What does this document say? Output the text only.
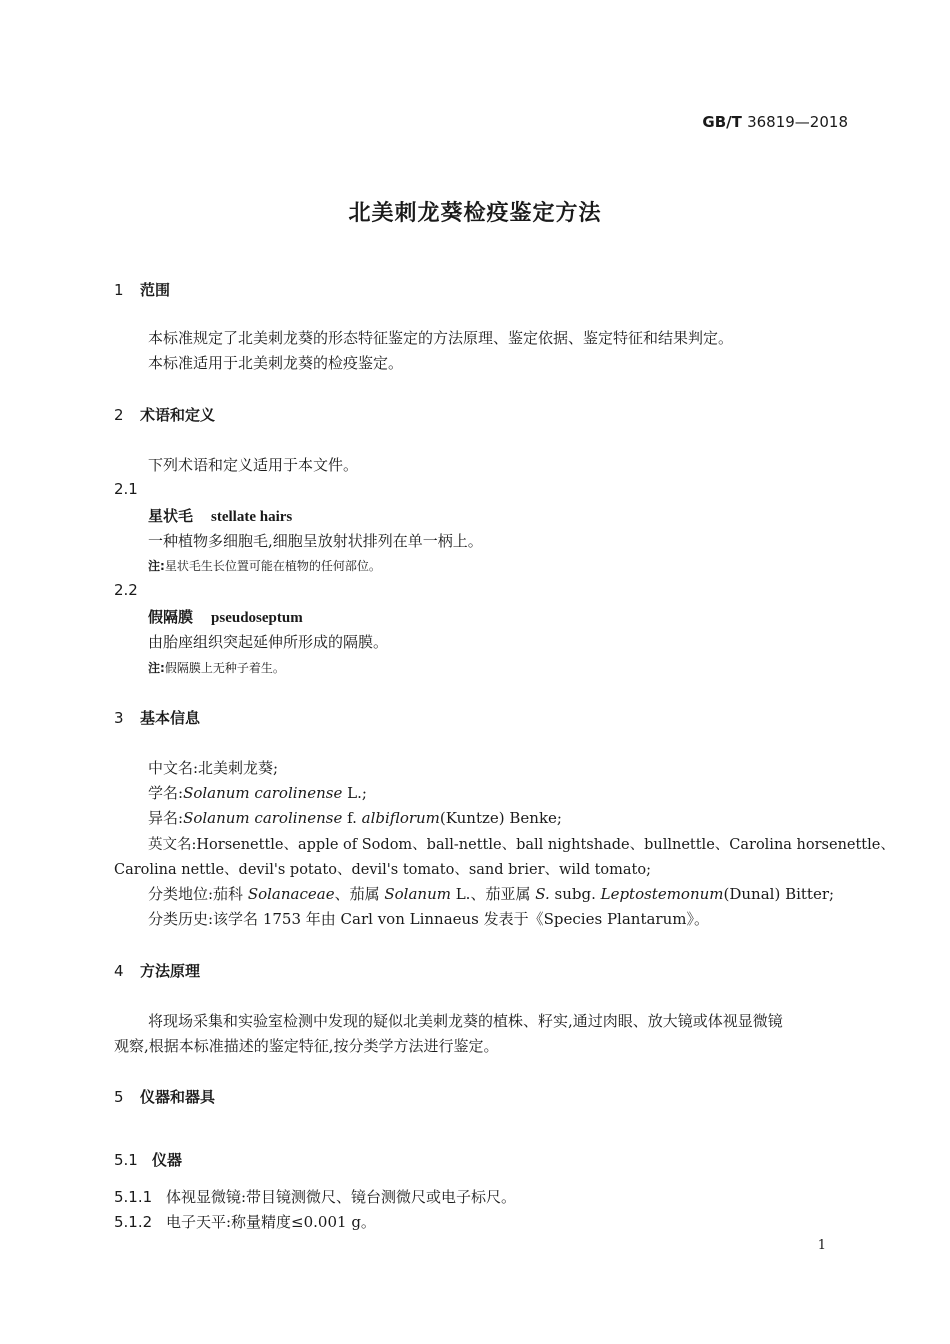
GB/T 36819—2018
北美刺龙葵检疫鉴定方法
1 范围
本标准规定了北美刺龙葵的形态特征鉴定的方法原理、鉴定依据、鉴定特征和结果判定。
本标准适用于北美刺龙葵的检疫鉴定。
2 术语和定义
下列术语和定义适用于本文件。
2.1
星状毛 stellate hairs
一种植物多细胞毛,细胞呈放射状排列在单一柄上。
注:星状毛生长位置可能在植物的任何部位。
2.2
假隔膜 pseudoseptum
由胎座组织突起延伸所形成的隔膜。
注:假隔膜上无种子着生。
3 基本信息
中文名:北美刺龙葵;
学名:Solanum carolinense L.;
异名:Solanum carolinense f. albiflorum(Kuntze) Benke;
英文名:Horsenettle、apple of Sodom、ball-nettle、ball nightshade、bullnettle、Carolina horsenettle、
Carolina nettle、devil's potato、devil's tomato、sand brier、wild tomato;
分类地位:茄科 Solanaceae、茄属 Solanum L.、茄亚属 S. subg. Leptostemonum(Dunal) Bitter;
分类历史:该学名 1753 年由 Carl von Linnaeus 发表于《Species Plantarum》。
4 方法原理
将现场采集和实验室检测中发现的疑似北美刺龙葵的植株、籽实,通过肉眼、放大镜或体视显微镜
观察,根据本标准描述的鉴定特征,按分类学方法进行鉴定。
5 仪器和器具
5.1 仪器
5.1.1 体视显微镜:带目镜测微尺、镜台测微尺或电子标尺。
5.1.2 电子天平:称量精度≤0.001 g。
1
